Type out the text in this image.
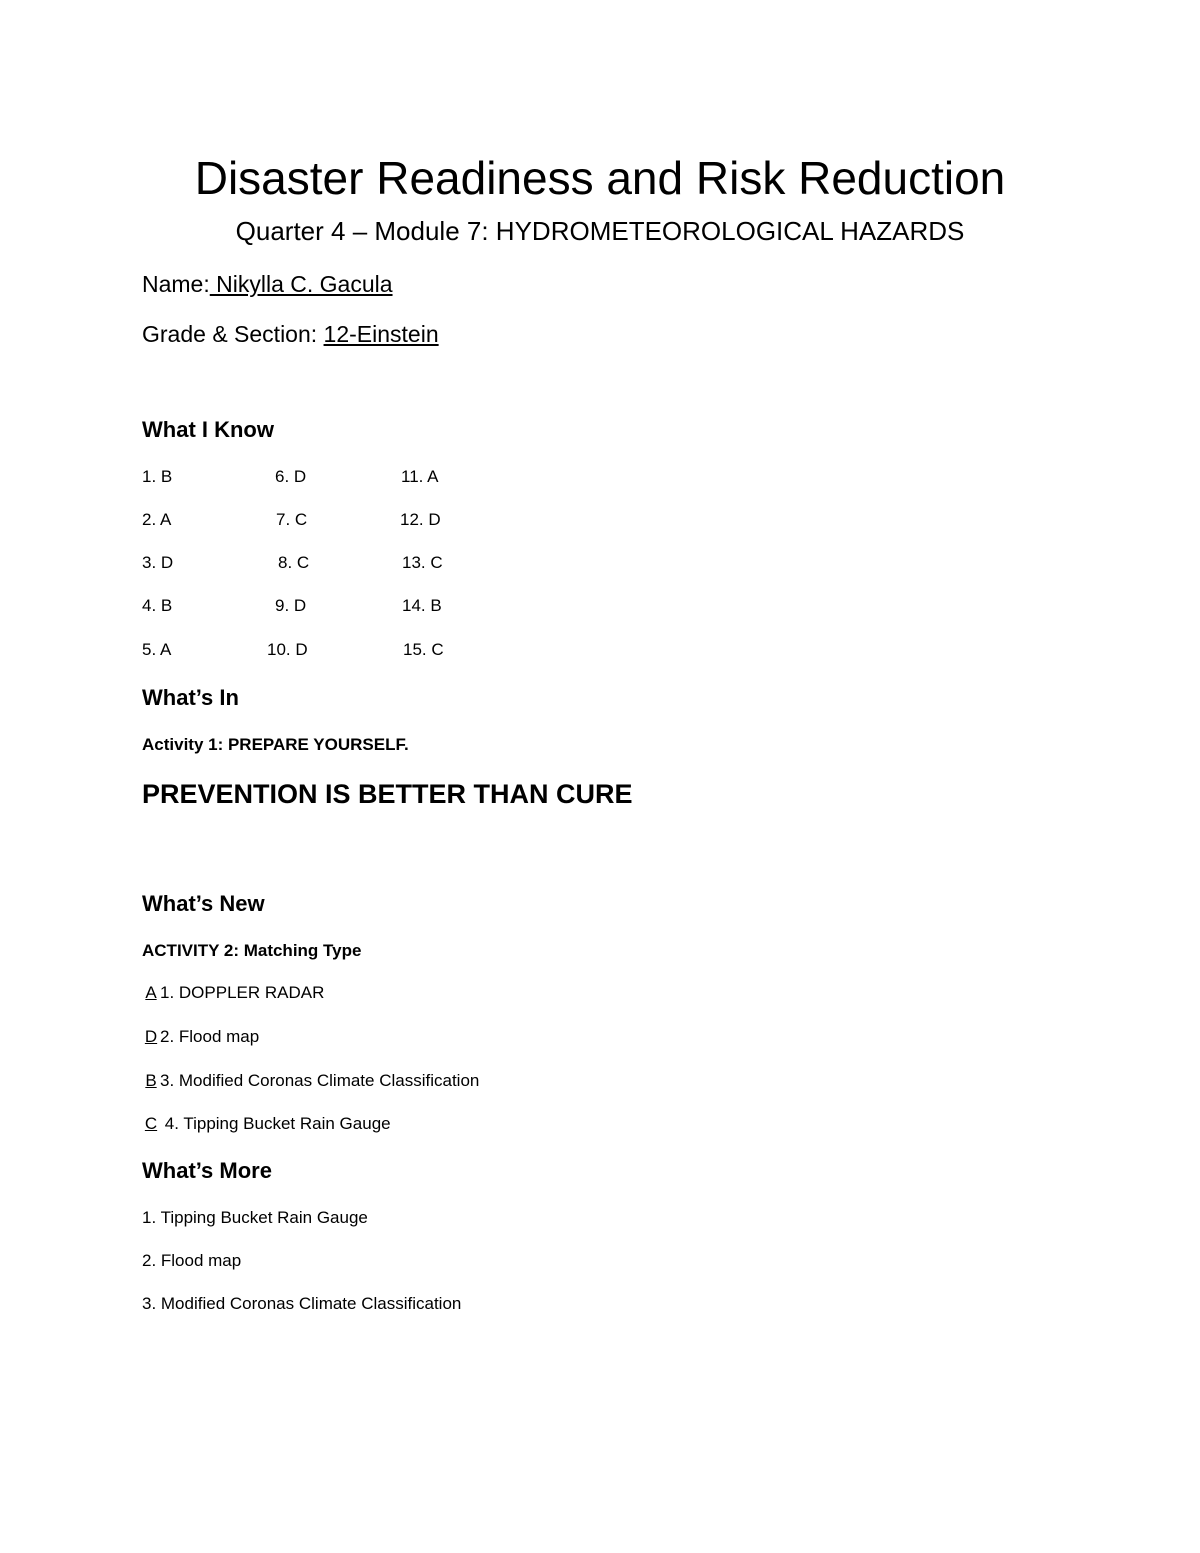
Disaster Readiness and Risk Reduction
Quarter 4 – Module 7: HYDROMETEOROLOGICAL HAZARDS
Name: Nikylla C. Gacula
Grade & Section: 12-Einstein
What I Know
1. B
2. A
3. D
4. B
5. A
6. D
7. C
8. C
9. D
10. D
11. A
12. D
13. C
14. B
15. C
What’s In
Activity 1: PREPARE YOURSELF.
PREVENTION IS BETTER THAN CURE
What’s New
ACTIVITY 2: Matching Type
A 1. DOPPLER RADAR
D 2. Flood map
B 3. Modified Coronas Climate Classification
C 4. Tipping Bucket Rain Gauge
What’s More
1. Tipping Bucket Rain Gauge
2. Flood map
3. Modified Coronas Climate Classification
